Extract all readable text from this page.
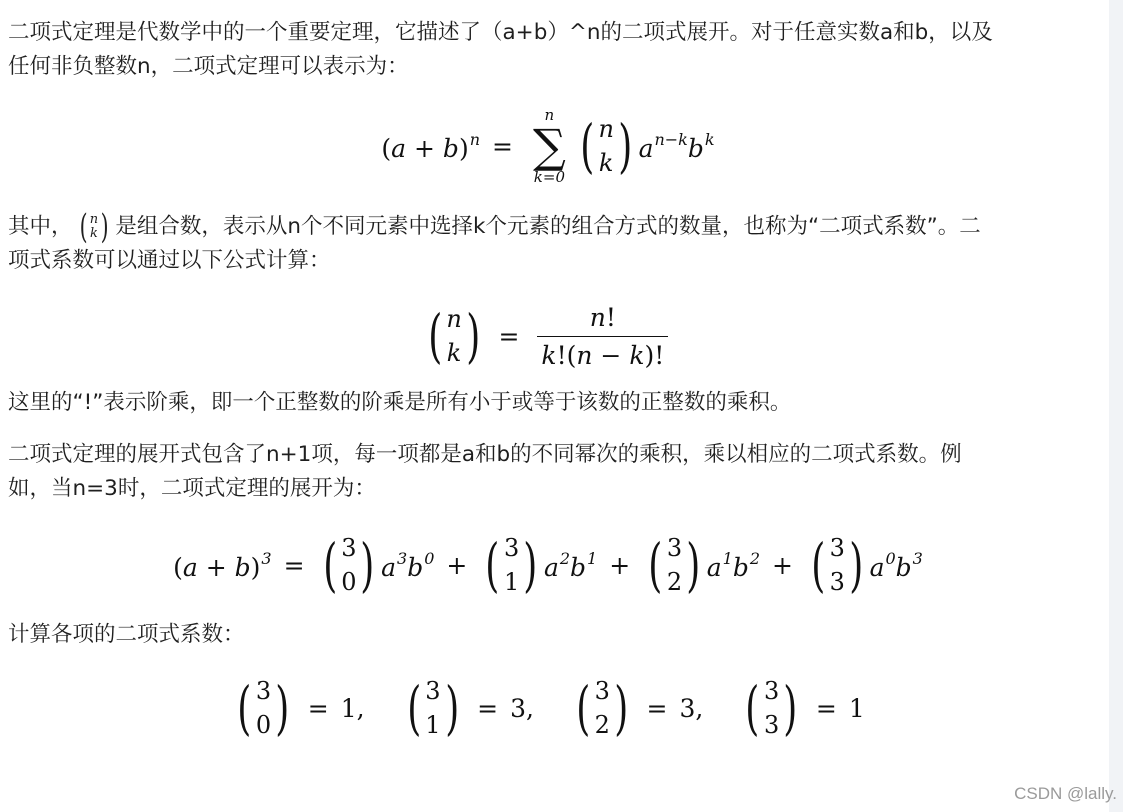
二项式定理是代数学中的一个重要定理，它描述了（a+b）^n的二项式展开。对于任意实数a和b，以及
任何非负整数n，二项式定理可以表示为：

$(a + b)^n$ =
n
∑
k=0 ( n
k ) $a^{n-k}b^k$

其中， ( n
k ) 是组合数，表示从n个不同元素中选择k个元素的组合方式的数量，也称为“二项式系数”。二
项式系数可以通过以下公式计算：

( n
k ) = $\frac{n!}{k!(n - k)!}$

这里的“!”表示阶乘，即一个正整数的阶乘是所有小于或等于该数的正整数的乘积。

二项式定理的展开式包含了n+1项，每一项都是a和b的不同幂次的乘积，乘以相应的二项式系数。例
如，当n=3时，二项式定理的展开为：

$(a + b)^3$ = ( 3
0 ) $a^3b^0$ + ( 3
1 ) $a^2b^1$ + ( 3
2 ) $a^1b^2$ + ( 3
3 ) $a^0b^3$

计算各项的二项式系数：

( 3
0 ) = 1 , ( 3
1 ) = 3 , ( 3
2 ) = 3 , ( 3
3 ) = 1
CSDN @lally.
